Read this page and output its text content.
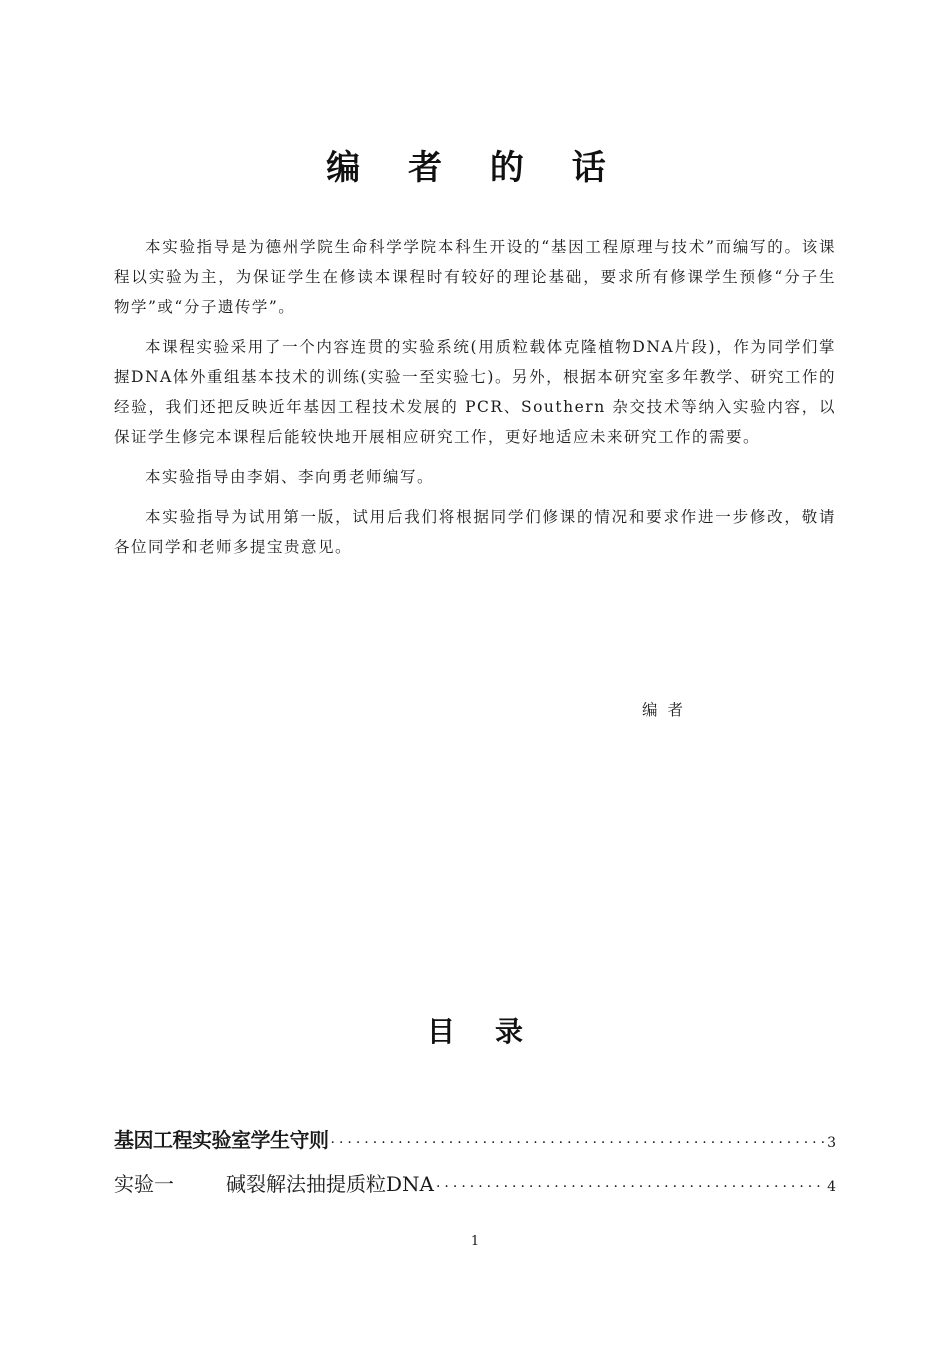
编 者 的 话

本实验指导是为德州学院生命科学学院本科生开设的“基因工程原理与技术”而编写的。该课程以实验为主，为保证学生在修读本课程时有较好的理论基础，要求所有修课学生预修“分子生物学”或“分子遗传学”。

本课程实验采用了一个内容连贯的实验系统(用质粒载体克隆植物DNA片段)，作为同学们掌握DNA体外重组基本技术的训练(实验一至实验七)。另外，根据本研究室多年教学、研究工作的经验，我们还把反映近年基因工程技术发展的 PCR、Southern 杂交技术等纳入实验内容，以保证学生修完本课程后能较快地开展相应研究工作，更好地适应未来研究工作的需要。

本实验指导由李娟、李向勇老师编写。

本实验指导为试用第一版，试用后我们将根据同学们修课的情况和要求作进一步修改，敬请各位同学和老师多提宝贵意见。

编者
目录
基因工程实验室学生守则 ·····	3
实验一	碱裂解法抽提质粒DNA ·····	4
1
